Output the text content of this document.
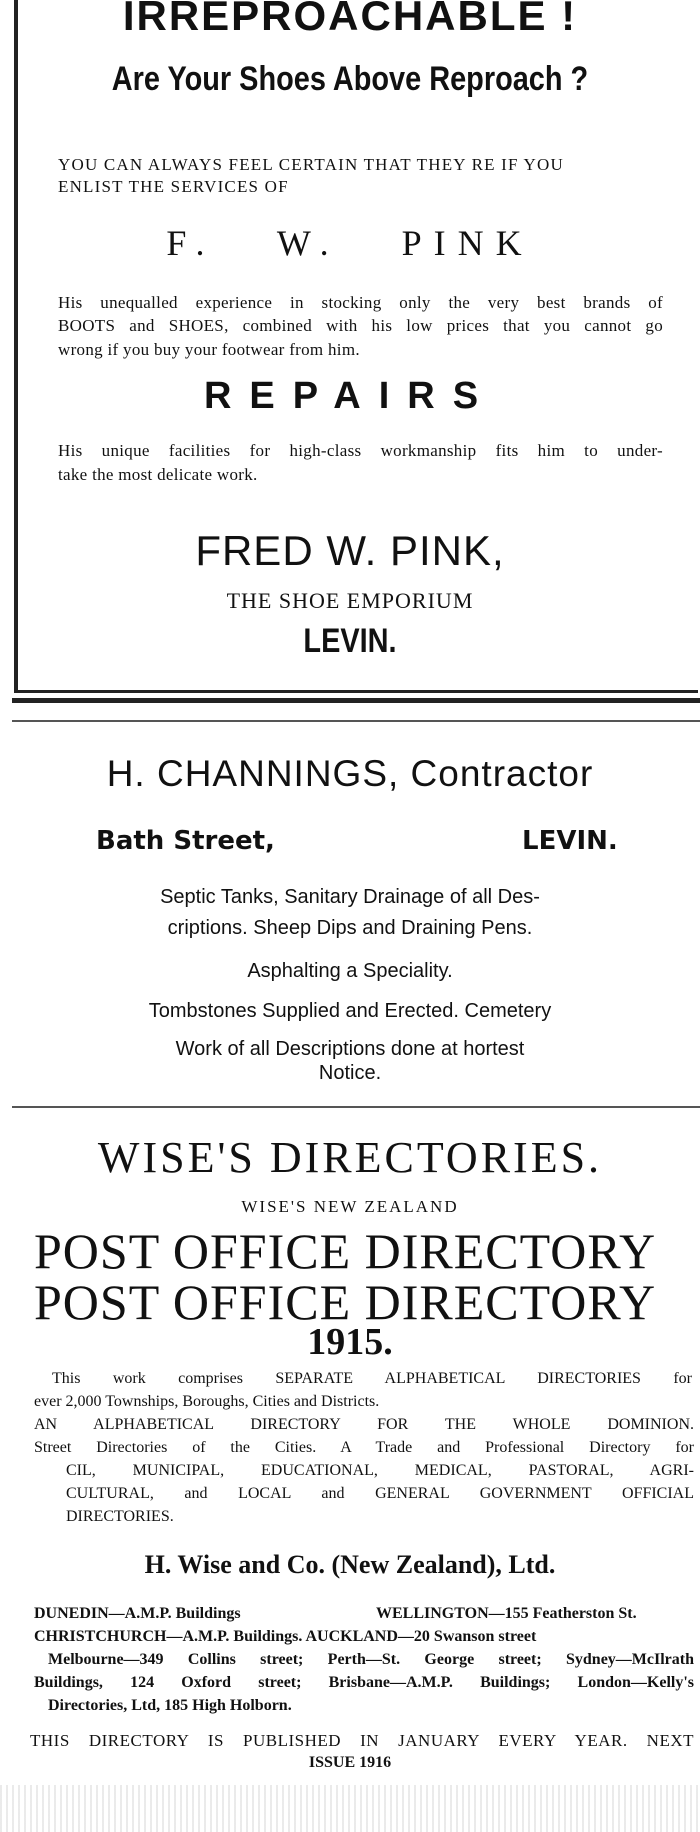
IRREPROACHABLE !
Are Your Shoes Above Reproach ?
YOU CAN ALWAYS FEEL CERTAIN THAT THEY RE IF YOU
ENLIST THE SERVICES OF
F. W. PINK
His unequalled experience in stocking only the very best brands of
BOOTS and SHOES, combined with his low prices that you cannot go
wrong if you buy your footwear from him.
REPAIRS
His unique facilities for high-class workmanship fits him to under-
take the most delicate work.
FRED W. PINK,
THE SHOE EMPORIUM
LEVIN.
H. CHANNINGS, Contractor
Bath Street,	LEVIN.
Septic Tanks, Sanitary Drainage of all Des-
criptions. Sheep Dips and Draining Pens.
Asphalting a Speciality.
Tombstones Supplied and Erected. Cemetery
Work of all Descriptions done at hortest
Notice.
WISE'S DIRECTORIES.
WISE'S NEW ZEALAND
POST OFFICE DIRECTORY
POST OFFICE DIRECTORY
1915.
This work comprises SEPARATE ALPHABETICAL DIRECTORIES for
ever 2,000 Townships, Boroughs, Cities and Districts.
AN ALPHABETICAL DIRECTORY FOR THE WHOLE DOMINION.
Street Directories of the Cities. A Trade and Professional Directory for
CIL, MUNICIPAL, EDUCATIONAL, MEDICAL, PASTORAL, AGRI-
CULTURAL, and LOCAL and GENERAL GOVERNMENT OFFICIAL
DIRECTORIES.
H. Wise and Co. (New Zealand), Ltd.
DUNEDIN—A.M.P. Buildings	WELLINGTON—155 Featherston St.
CHRISTCHURCH—A.M.P. Buildings. AUCKLAND—20 Swanson street
Melbourne—349 Collins street; Perth—St. George street; Sydney—McIlrath
Buildings, 124 Oxford street; Brisbane—A.M.P. Buildings; London—Kelly's
Directories, Ltd, 185 High Holborn.
THIS DIRECTORY IS PUBLISHED IN JANUARY EVERY YEAR. NEXT
ISSUE 1916
